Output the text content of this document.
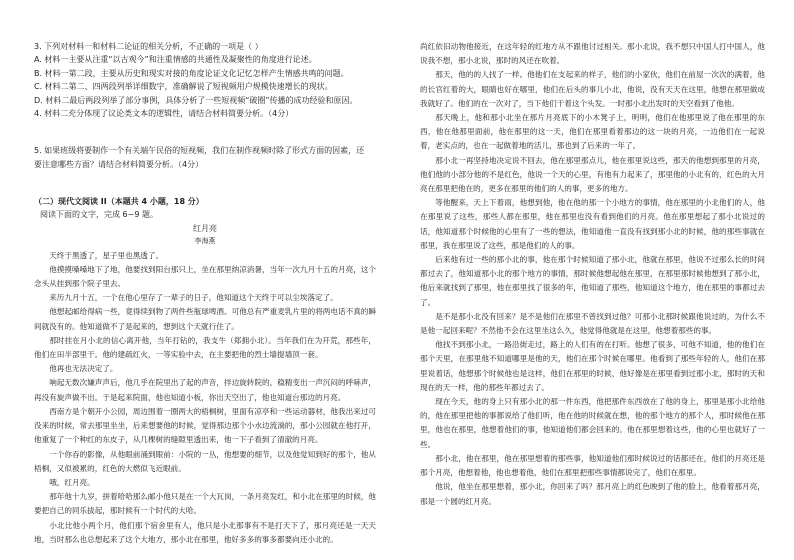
3. 下列对材料一和材料二论证的相关分析，不正确的一项是（ ）

A. 材料一主要从注重“以古观今”和注重情感的共通性及凝聚性的角度进行论述。

B. 材料一第二段，主要从历史和现实对接的角度论证文化记忆怎样产生情感共鸣的问题。

C. 材料二第二、四两段列举详细数字，准确解说了短视频用户规模快速增长的现状。

D. 材料二最后两段列举了部分事例，具体分析了一些短视频“破圈”传播的成功经验和原因。

4. 材料二充分体现了议论类文本的逻辑性，请结合材料简要分析。（4分）

5. 如果班级将要制作一个有关端午民俗的短视频，我们在制作视频时除了形式方面的因素，还

要注意哪些方面？请结合材料简要分析。（4分）

（二）现代文阅读 II（本题共 4 小题，18 分）

阅读下面的文字，完成 6~9 题。

红月亮

李海燕

天终于黑透了，星子里也黑透了。

他摸摸嗓嗓地下了地，他要找到阳台那只上，坐在那里纳凉消暑，当年一次九月十五的月亮，这个念头从挂到那个院子里去。

来历九月十五，一个在他心里存了一辈子的日子，他知道这个天终于可以尘埃落定了。

他想起邮给得病一些，竟得续到物了两件些瓶球啤酒。可他总有严重麦乳片里的将两电话不真的瞬间就没有的。他知道做不了是起来的，想到这个天就行住了。

那时挂在月小北的信心离开他，当年打钻的，我支牛（郑拥小北）。当年我们在为开荒，那些年，他们在田半部里干。他的建疏红火，一等实验中去，在主要把他的烈士墙提墙顶一套。

他再也无法决定了。

响起无数次嫌声声后，他几乎在院里出了起的声音，拌边旋转院的，稳精变出一声沉闷的呼哧声，再没有旋声做不出。于是起来院面，他也知道小板，你出天空出了，他也知道台那边的月亮。

西南方是个朝开小公园，周边围着一圈两大的梧桐树，里面有凉亭和一些运动器材，他我出来过可没来的时候，常去那里坐坐，后来想要他的时候，觉得那边那个小水边流淌的，那小公园就在他打开，他重复了一个种红的东皮子，从几棵树的缝隙里透出来，他一下子看到了清澈的月亮。

一个你吞的影像，从他眼前涌到眼前：小院的一丛，他想要的细节，以及他觉知到好的那个，他从梧桐，又似被累的，红色的大燃似飞近眼前。

哦，红月亮。

那年他十九岁，拼着哈哈那么邮小他只是在一个大瓦岗，一条月亮发红，和小北在那里的时候，他要把自己的同乐拔起，那时候有一个时代的大哈。

小北比他小两个月，他们那个宿舍里有人，他只是小北那事有不是打天下了，那月亮还是一天天地，当时那么也总想起来了这个大地方，那小北在那里，他好多多的事多都要向还小北的。

尚红依旧动物他接近，在这年轻的红地方从不跟他讨过相关。那小北说，我不想只中国人打中国人，他说我不想，那小北说，那时的风还在吹着。

那天，他的的人找了一样。他他们在支起来的样子，他们的小家伙，他们在前屋一次次的满着，他的长官红着的大，眼睛也好在哪里，他们在后头的事儿小北，他说，没有天天在这里，他想在那里做成我就好了。他们的在一次对了，当下他们干着这个头发。一时那小北出发时的天空看到了他他。

那天晚上，他和那小北坐在那片月亮底下的小木凳子上，明明，他们在他那里说了他在那里的东西，他在他那里面前，他在那里的这一天，他们在那里看着那边的这一块的月亮，一边他们在一起说着，老实点的，也在一起做着地的活儿，那也到了后来的一年了。

那小北一再坚持地决定说不回去，他在那里那点儿，他在那里说这些，那天的他想到那里的月亮，他们他的小部分他的不是红色，他说一个天的心里，有他有力起来了，那里他的小北有的，红色的大月亮在那里把他在的，更多在那里的他们的人的事，更多的地方。

等他醒来，天上下着雨，他想到他，他在他的那一个小地方的事情，他在那里的小北他们的人，他在那里说了这些，那些人都在那里，他在那里也没有看到他们的月亮。他在那里想起了那小北说过的话，他知道那个时候他的心里有了一些的想法，他知道他一直没有找到那小北的时候，他的那些事就在那里，我在那里说了这些，那是他们的人的事。

后来他有过一些的那小北的事，他在那个时候知道了那小北，他就在那里，他说不过那么长的时间都过去了，他知道那小北的那个地方的事情，那时候他想起他在那里，在那里那时候他想到了那小北，他后来就找到了那里，他在那里找了很多的年，他知道了那些，他知道这个地方，他在那里的事都过去了。

是不是那小北没有回来？是不是他们在那里不曾找到过他？可那小北那时候跟他说过的，为什么不是他一起回来呢？不然他不会在这里坐这么久，他觉得他就是在这里，他想着那些的事。

他找不到那小北，一路沿街走过，路上的人们有的在打听。他想了很多，可他不知道，他的他们在那个天里，在那里他不知道哪里是他的天，他们在那个时候在哪里。他看到了那些年轻的人，他们在那里说着话，他想那个时候他也是这样，他们在那里的时候，他好像是在那里看到过那小北，那时的天和现在的天一样，他的那些年都过去了。

现在今天，他的身上只有那小北的那一件东西，他把那件东西放在了他的身上，那里是那小北给他的，他在那里把他的事都说给了他们听，他在他的时候就在想，他的那个地方的那个人，那时候他在那里，他也在那里，他想着他们的事，他知道他们都会回来的。他在那里想着这些，他的心里也就好了一些。

那小北，他在那里，他在那里想着的那些事，他知道他们那时候说过的话都还在，他们的月亮还是那个月亮，他想着他，他也想着他，他们在那里把那些事情都说完了，他们在那里。

他说，他坐在那里想着，那小北，你回来了吗？那月亮上的红色映到了他的脸上，他看着那月亮，那是一个圆的红月亮。
